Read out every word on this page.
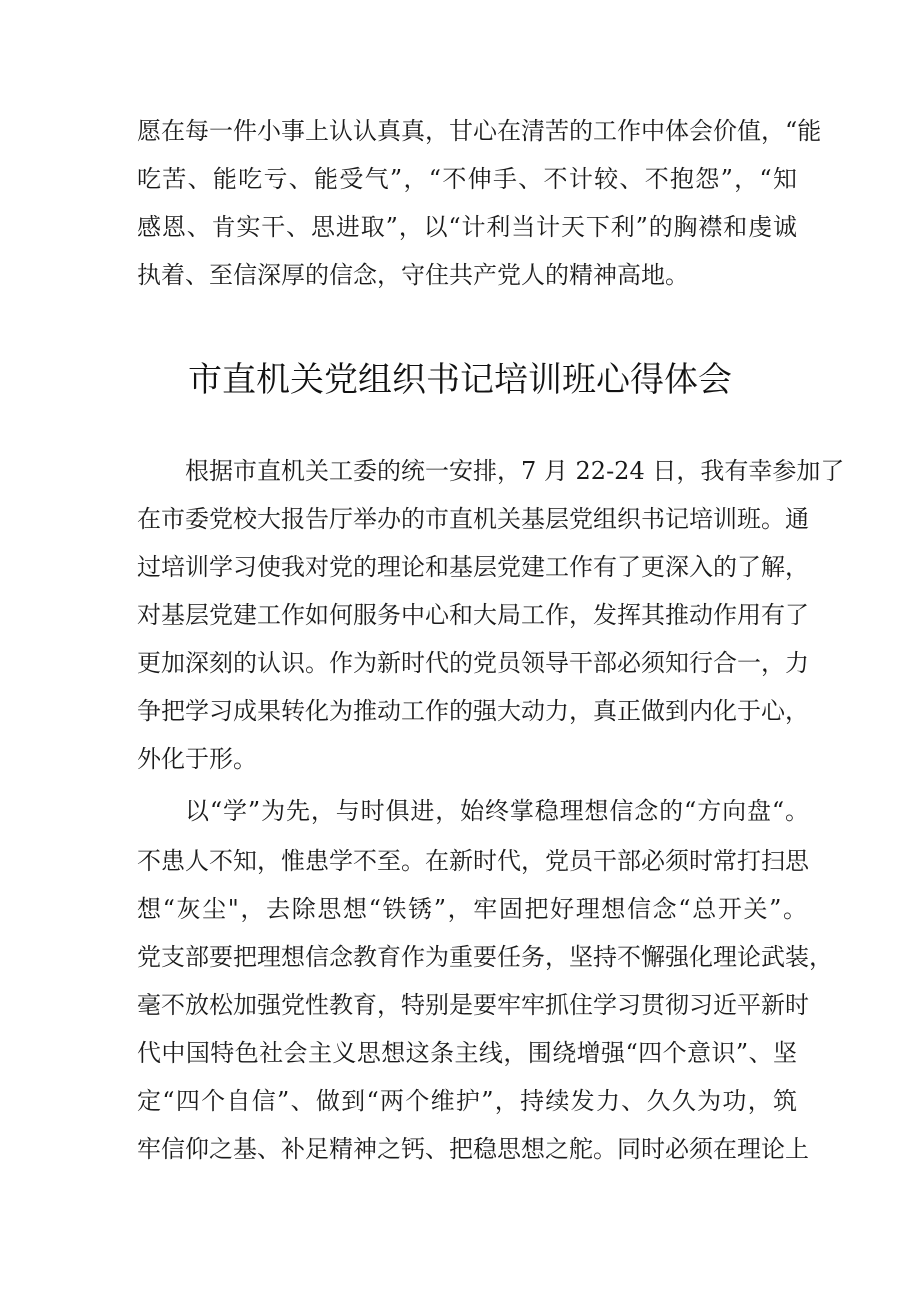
愿在每一件小事上认认真真，甘心在清苦的工作中体会价值，“能
吃苦、能吃亏、能受气”，“不伸手、不计较、不抱怨”，“知
感恩、肯实干、思进取”，以“计利当计天下利”的胸襟和虔诚
执着、至信深厚的信念，守住共产党人的精神高地。
市直机关党组织书记培训班心得体会
根据市直机关工委的统一安排，7 月 22-24 日，我有幸参加了
在市委党校大报告厅举办的市直机关基层党组织书记培训班。通
过培训学习使我对党的理论和基层党建工作有了更深入的了解，
对基层党建工作如何服务中心和大局工作，发挥其推动作用有了
更加深刻的认识。作为新时代的党员领导干部必须知行合一，力
争把学习成果转化为推动工作的强大动力，真正做到内化于心，
外化于形。
以“学”为先，与时俱进，始终掌稳理想信念的“方向盘“。
不患人不知，惟患学不至。在新时代，党员干部必须时常打扫思
想“灰尘"，去除思想“铁锈”，牢固把好理想信念“总开关”。
党支部要把理想信念教育作为重要任务，坚持不懈强化理论武装，
毫不放松加强党性教育，特别是要牢牢抓住学习贯彻习近平新时
代中国特色社会主义思想这条主线，围绕增强“四个意识”、坚
定“四个自信”、做到“两个维护”，持续发力、久久为功，筑
牢信仰之基、补足精神之钙、把稳思想之舵。同时必须在理论上
